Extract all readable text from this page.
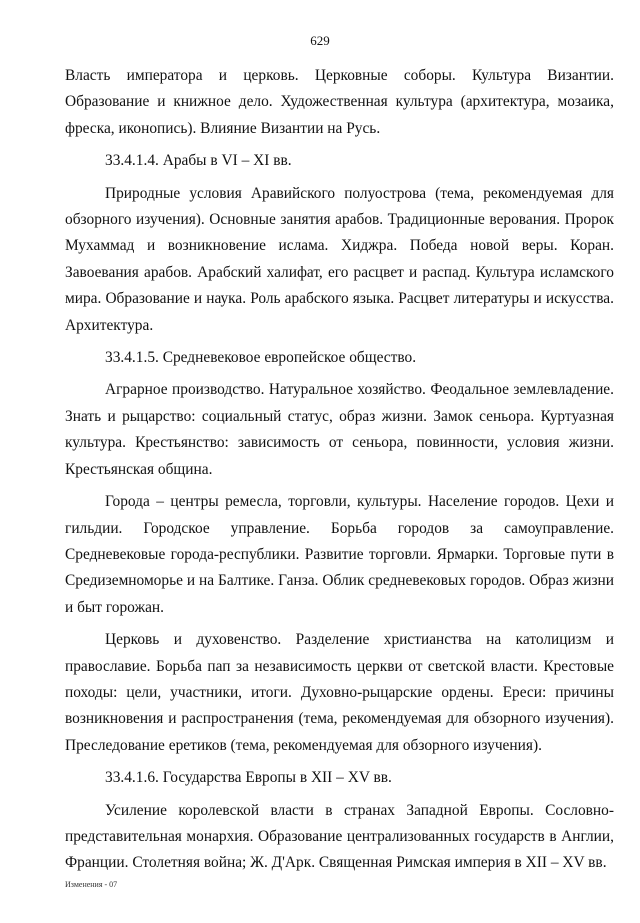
629

Власть императора и церковь. Церковные соборы. Культура Византии. Образование и книжное дело. Художественная культура (архитектура, мозаика, фреска, иконопись). Влияние Византии на Русь.

33.4.1.4. Арабы в VI – XI вв.

Природные условия Аравийского полуострова (тема, рекомендуемая для обзорного изучения). Основные занятия арабов. Традиционные верования. Пророк Мухаммад и возникновение ислама. Хиджра. Победа новой веры. Коран. Завоевания арабов. Арабский халифат, его расцвет и распад. Культура исламского мира. Образование и наука. Роль арабского языка. Расцвет литературы и искусства. Архитектура.

33.4.1.5. Средневековое европейское общество.

Аграрное производство. Натуральное хозяйство. Феодальное землевладение. Знать и рыцарство: социальный статус, образ жизни. Замок сеньора. Куртуазная культура. Крестьянство: зависимость от сеньора, повинности, условия жизни. Крестьянская община.

Города – центры ремесла, торговли, культуры. Население городов. Цехи и гильдии. Городское управление. Борьба городов за самоуправление. Средневековые города-республики. Развитие торговли. Ярмарки. Торговые пути в Средиземноморье и на Балтике. Ганза. Облик средневековых городов. Образ жизни и быт горожан.

Церковь и духовенство. Разделение христианства на католицизм и православие. Борьба пап за независимость церкви от светской власти. Крестовые походы: цели, участники, итоги. Духовно-рыцарские ордены. Ереси: причины возникновения и распространения (тема, рекомендуемая для обзорного изучения). Преследование еретиков (тема, рекомендуемая для обзорного изучения).

33.4.1.6. Государства Европы в XII – XV вв.

Усиление королевской власти в странах Западной Европы. Сословно-представительная монархия. Образование централизованных государств в Англии, Франции. Столетняя война; Ж. Д'Арк. Священная Римская империя в XII – XV вв.

Изменения - 07
